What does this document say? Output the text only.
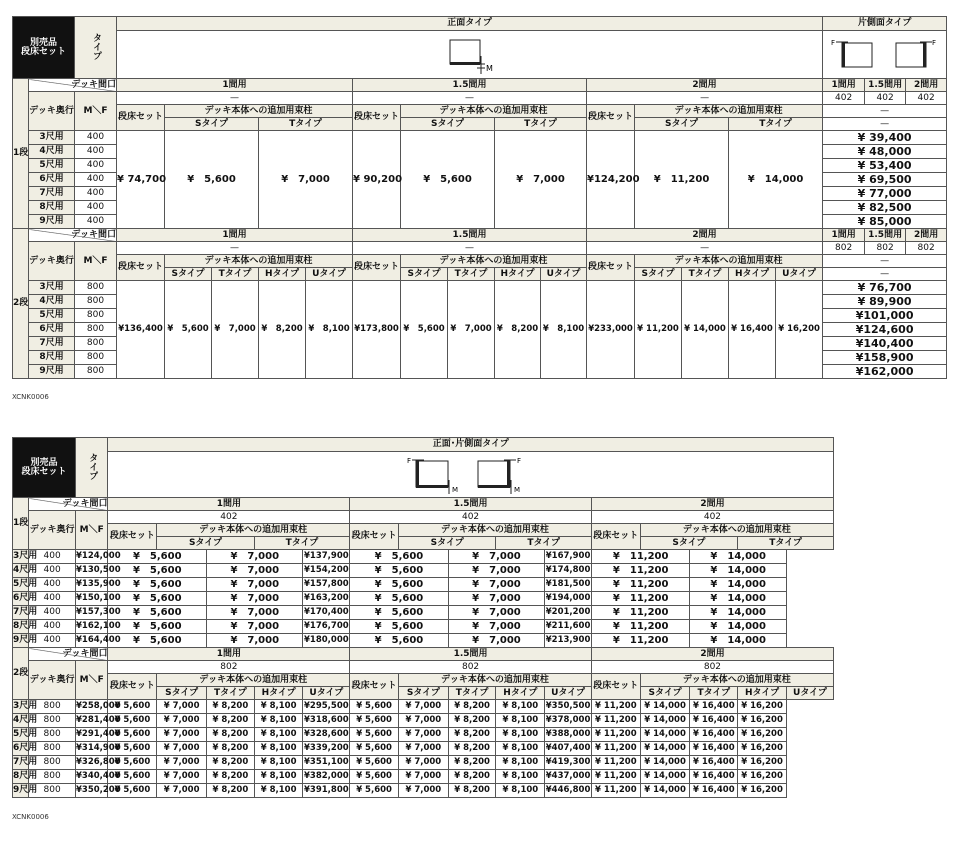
別売品
段床セット		タイプ	正面タイプ															片側面タイプ		

M															F F		

1段	デッキ間口		1間用					1.5間用					2間用					1間用	1.5間用	2間用
	デッキ奥行	M＼F	—					—					—					402	402	402
			段床セット	デッキ本体への追加用束柱				段床セット	デッキ本体への追加用束柱				段床セット	デッキ本体への追加用束柱				—		
				Sタイプ		Tタイプ			Sタイプ		Tタイプ			Sタイプ		Tタイプ		—		
	3尺用	400	¥ 74,700	¥　5,600		¥　7,000		¥ 90,200	¥　5,600		¥　7,000		¥124,200	¥　11,200		¥　14,000		¥ 39,400		
	4尺用	400																¥ 48,000		
	5尺用	400																¥ 53,400		
	6尺用	400																¥ 69,500		
	7尺用	400																¥ 77,000		
	8尺用	400																¥ 82,500		
	9尺用	400																¥ 85,000		
2段	デッキ間口		1間用					1.5間用					2間用					1間用	1.5間用	2間用
	デッキ奥行	M＼F	—					—					—					802	802	802
			段床セット	デッキ本体への追加用束柱				段床セット	デッキ本体への追加用束柱				段床セット	デッキ本体への追加用束柱				—		
				Sタイプ	Tタイプ	Hタイプ	Uタイプ		Sタイプ	Tタイプ	Hタイプ	Uタイプ		Sタイプ	Tタイプ	Hタイプ	Uタイプ	—		
	3尺用	800	¥136,400	¥　5,600	¥　7,000	¥　8,200	¥　8,100	¥173,800	¥　5,600	¥　7,000	¥　8,200	¥　8,100	¥233,000	¥ 11,200	¥ 14,000	¥ 16,400	¥ 16,200	¥ 76,700		
	4尺用	800																¥ 89,900		
	5尺用	800																¥101,000		
	6尺用	800																¥124,600		
	7尺用	800																¥140,400		
	8尺用	800																¥158,900		
	9尺用	800																¥162,000		
XCNK0006
別売品
段床セット		タイプ	正面･片側面タイプ														

F
M
F
M														

1段	デッキ間口		1間用					1.5間用					2間用				
	デッキ奥行	M＼F	402					402					402				
			段床セット	デッキ本体への追加用束柱				段床セット	デッキ本体への追加用束柱				段床セット	デッキ本体への追加用束柱			
				Sタイプ		Tタイプ			Sタイプ		Tタイプ			Sタイプ		Tタイプ	
3尺用	400	¥124,000	¥　5,600		¥　7,000		¥137,900	¥　5,600		¥　7,000		¥167,900	¥　11,200		¥　14,000		
4尺用	400	¥130,500	¥　5,600		¥　7,000		¥154,200	¥　5,600		¥　7,000		¥174,800	¥　11,200		¥　14,000		
5尺用	400	¥135,900	¥　5,600		¥　7,000		¥157,800	¥　5,600		¥　7,000		¥181,500	¥　11,200		¥　14,000		
6尺用	400	¥150,100	¥　5,600		¥　7,000		¥163,200	¥　5,600		¥　7,000		¥194,000	¥　11,200		¥　14,000		
7尺用	400	¥157,300	¥　5,600		¥　7,000		¥170,400	¥　5,600		¥　7,000		¥201,200	¥　11,200		¥　14,000		
8尺用	400	¥162,100	¥　5,600		¥　7,000		¥176,700	¥　5,600		¥　7,000		¥211,600	¥　11,200		¥　14,000		
9尺用	400	¥164,400	¥　5,600		¥　7,000		¥180,000	¥　5,600		¥　7,000		¥213,900	¥　11,200		¥　14,000		
2段	デッキ間口		1間用					1.5間用					2間用				
	デッキ奥行	M＼F	802					802					802				
			段床セット	デッキ本体への追加用束柱				段床セット	デッキ本体への追加用束柱				段床セット	デッキ本体への追加用束柱			
				Sタイプ	Tタイプ	Hタイプ	Uタイプ		Sタイプ	Tタイプ	Hタイプ	Uタイプ		Sタイプ	Tタイプ	Hタイプ	Uタイプ
3尺用	800	¥258,000	¥ 5,600	¥ 7,000	¥ 8,200	¥ 8,100	¥295,500	¥ 5,600	¥ 7,000	¥ 8,200	¥ 8,100	¥350,500	¥ 11,200	¥ 14,000	¥ 16,400	¥ 16,200	
4尺用	800	¥281,400	¥ 5,600	¥ 7,000	¥ 8,200	¥ 8,100	¥318,600	¥ 5,600	¥ 7,000	¥ 8,200	¥ 8,100	¥378,000	¥ 11,200	¥ 14,000	¥ 16,400	¥ 16,200	
5尺用	800	¥291,400	¥ 5,600	¥ 7,000	¥ 8,200	¥ 8,100	¥328,600	¥ 5,600	¥ 7,000	¥ 8,200	¥ 8,100	¥388,000	¥ 11,200	¥ 14,000	¥ 16,400	¥ 16,200	
6尺用	800	¥314,900	¥ 5,600	¥ 7,000	¥ 8,200	¥ 8,100	¥339,200	¥ 5,600	¥ 7,000	¥ 8,200	¥ 8,100	¥407,400	¥ 11,200	¥ 14,000	¥ 16,400	¥ 16,200	
7尺用	800	¥326,800	¥ 5,600	¥ 7,000	¥ 8,200	¥ 8,100	¥351,100	¥ 5,600	¥ 7,000	¥ 8,200	¥ 8,100	¥419,300	¥ 11,200	¥ 14,000	¥ 16,400	¥ 16,200	
8尺用	800	¥340,400	¥ 5,600	¥ 7,000	¥ 8,200	¥ 8,100	¥382,000	¥ 5,600	¥ 7,000	¥ 8,200	¥ 8,100	¥437,000	¥ 11,200	¥ 14,000	¥ 16,400	¥ 16,200	
9尺用	800	¥350,200	¥ 5,600	¥ 7,000	¥ 8,200	¥ 8,100	¥391,800	¥ 5,600	¥ 7,000	¥ 8,200	¥ 8,100	¥446,800	¥ 11,200	¥ 14,000	¥ 16,400	¥ 16,200	
XCNK0006
